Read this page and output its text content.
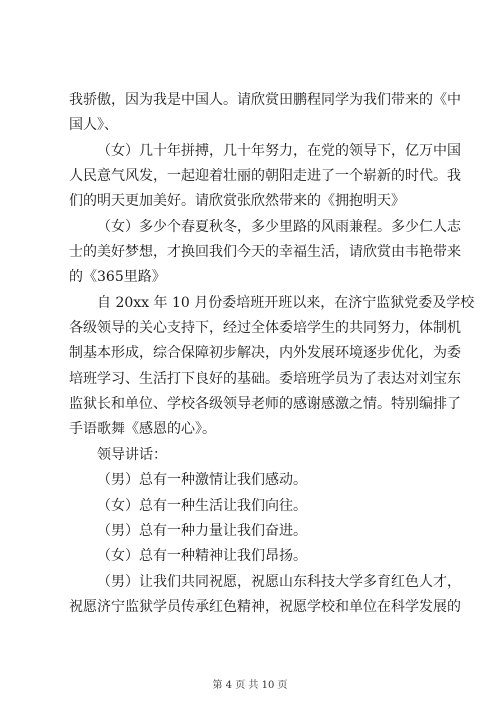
我骄傲，因为我是中国人。请欣赏田鹏程同学为我们带来的《中
国人》、
（女）几十年拼搏，几十年努力，在党的领导下，亿万中国
人民意气风发，一起迎着壮丽的朝阳走进了一个崭新的时代。我
们的明天更加美好。请欣赏张欣然带来的《拥抱明天》
（女）多少个春夏秋冬，多少里路的风雨兼程。多少仁人志
士的美好梦想，才换回我们今天的幸福生活，请欣赏由韦艳带来
的《365里路》
自 20xx 年 10 月份委培班开班以来，在济宁监狱党委及学校
各级领导的关心支持下，经过全体委培学生的共同努力，体制机
制基本形成，综合保障初步解决，内外发展环境逐步优化，为委
培班学习、生活打下良好的基础。委培班学员为了表达对刘宝东
监狱长和单位、学校各级领导老师的感谢感激之情。特别编排了
手语歌舞《感恩的心》。
领导讲话：
（男）总有一种激情让我们感动。
（女）总有一种生活让我们向往。
（男）总有一种力量让我们奋进。
（女）总有一种精神让我们昂扬。
（男）让我们共同祝愿，祝愿山东科技大学多育红色人才，
祝愿济宁监狱学员传承红色精神，祝愿学校和单位在科学发展的
第 4 页 共 10 页
